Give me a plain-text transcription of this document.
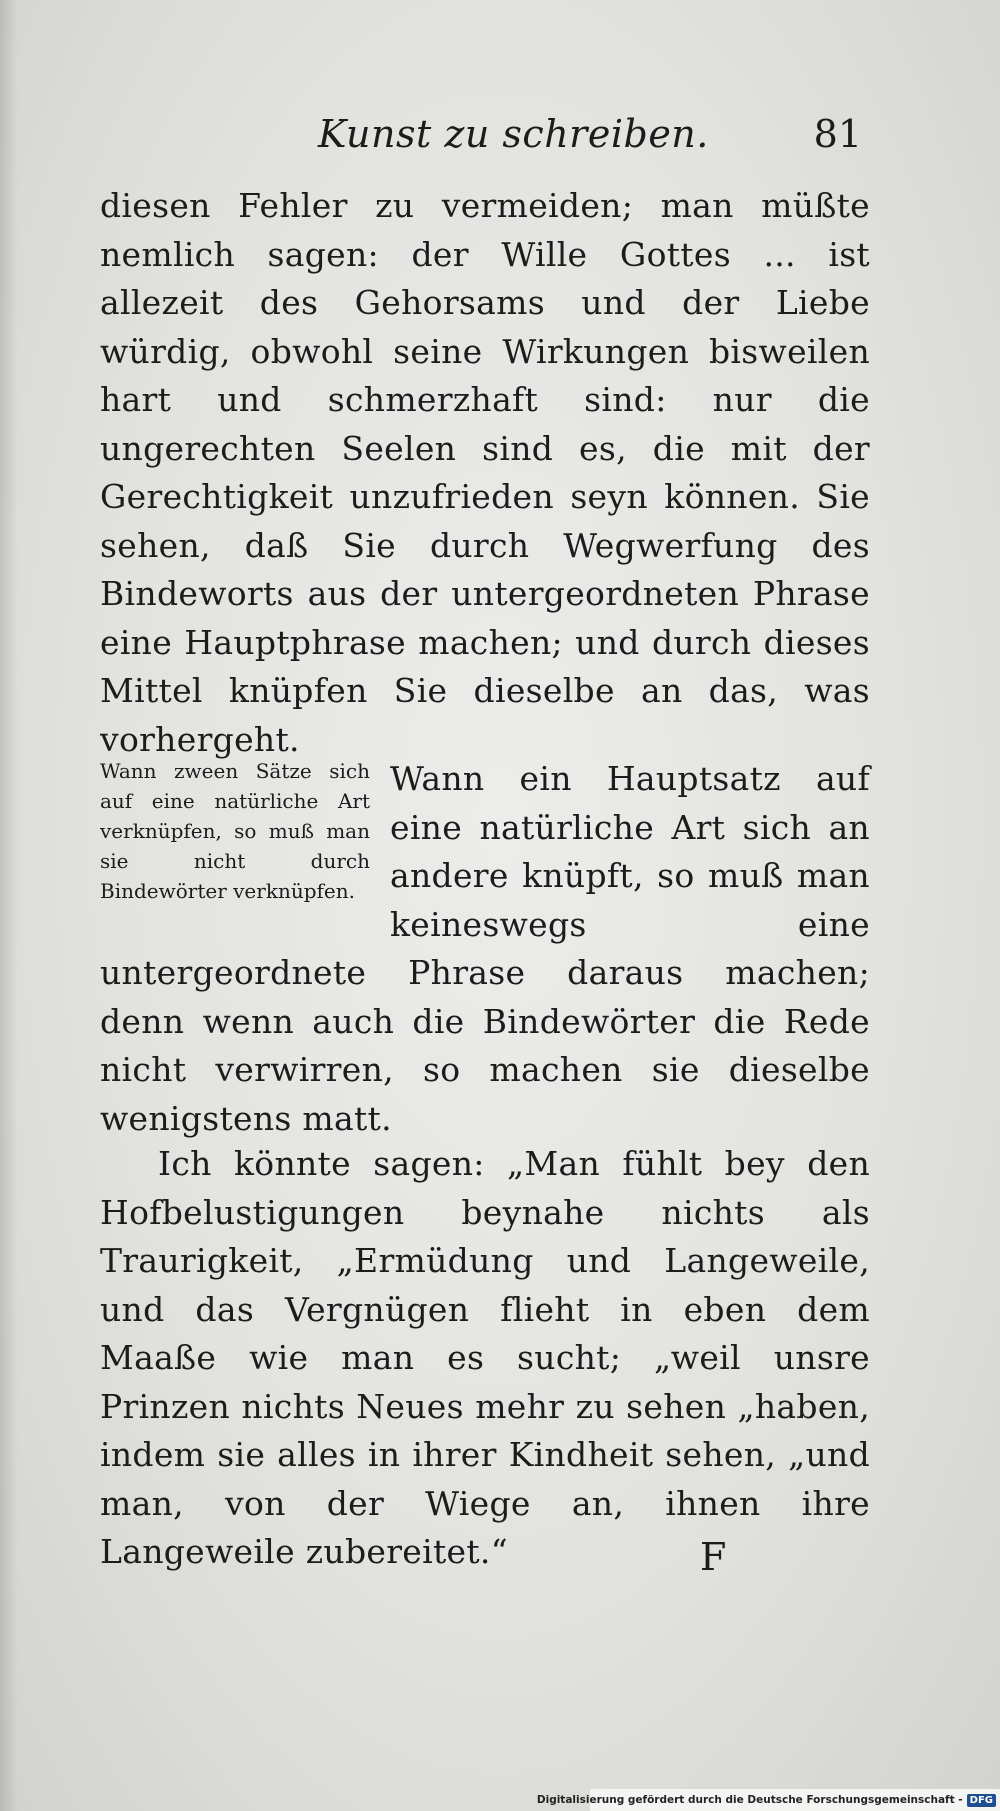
Kunst zu schreiben.	81

diesen Fehler zu vermeiden; man müßte nemlich sagen: der Wille Gottes ... ist allezeit des Gehorsams und der Liebe würdig, obwohl seine Wirkungen bisweilen hart und schmerzhaft sind: nur die ungerechten Seelen sind es, die mit der Gerechtigkeit unzufrieden seyn können. Sie sehen, daß Sie durch Wegwerfung des Bindeworts aus der untergeordneten Phrase eine Hauptphrase machen; und durch dieses Mittel knüpfen Sie dieselbe an das, was vorhergeht.

Wann zween Sätze sich auf eine natürliche Art verknüpfen, so muß man sie nicht durch Bindewörter verknüpfen.
Wann ein Hauptsatz auf eine natürliche Art sich an andere knüpft, so muß man keineswegs eine untergeordnete Phrase daraus machen; denn wenn auch die Bindewörter die Rede nicht verwirren, so machen sie dieselbe wenigstens matt.

Ich könnte sagen: „Man fühlt bey den Hofbelustigungen beynahe nichts als Traurigkeit, „Ermüdung und Langeweile, und das Vergnügen flieht in eben dem Maaße wie man es sucht; „weil unsre Prinzen nichts Neues mehr zu sehen „haben, indem sie alles in ihrer Kindheit sehen, „und man, von der Wiege an, ihnen ihre Langeweile zubereitet.“	F
Digitalisierung gefördert durch die Deutsche Forschungsgemeinschaft - DFG
